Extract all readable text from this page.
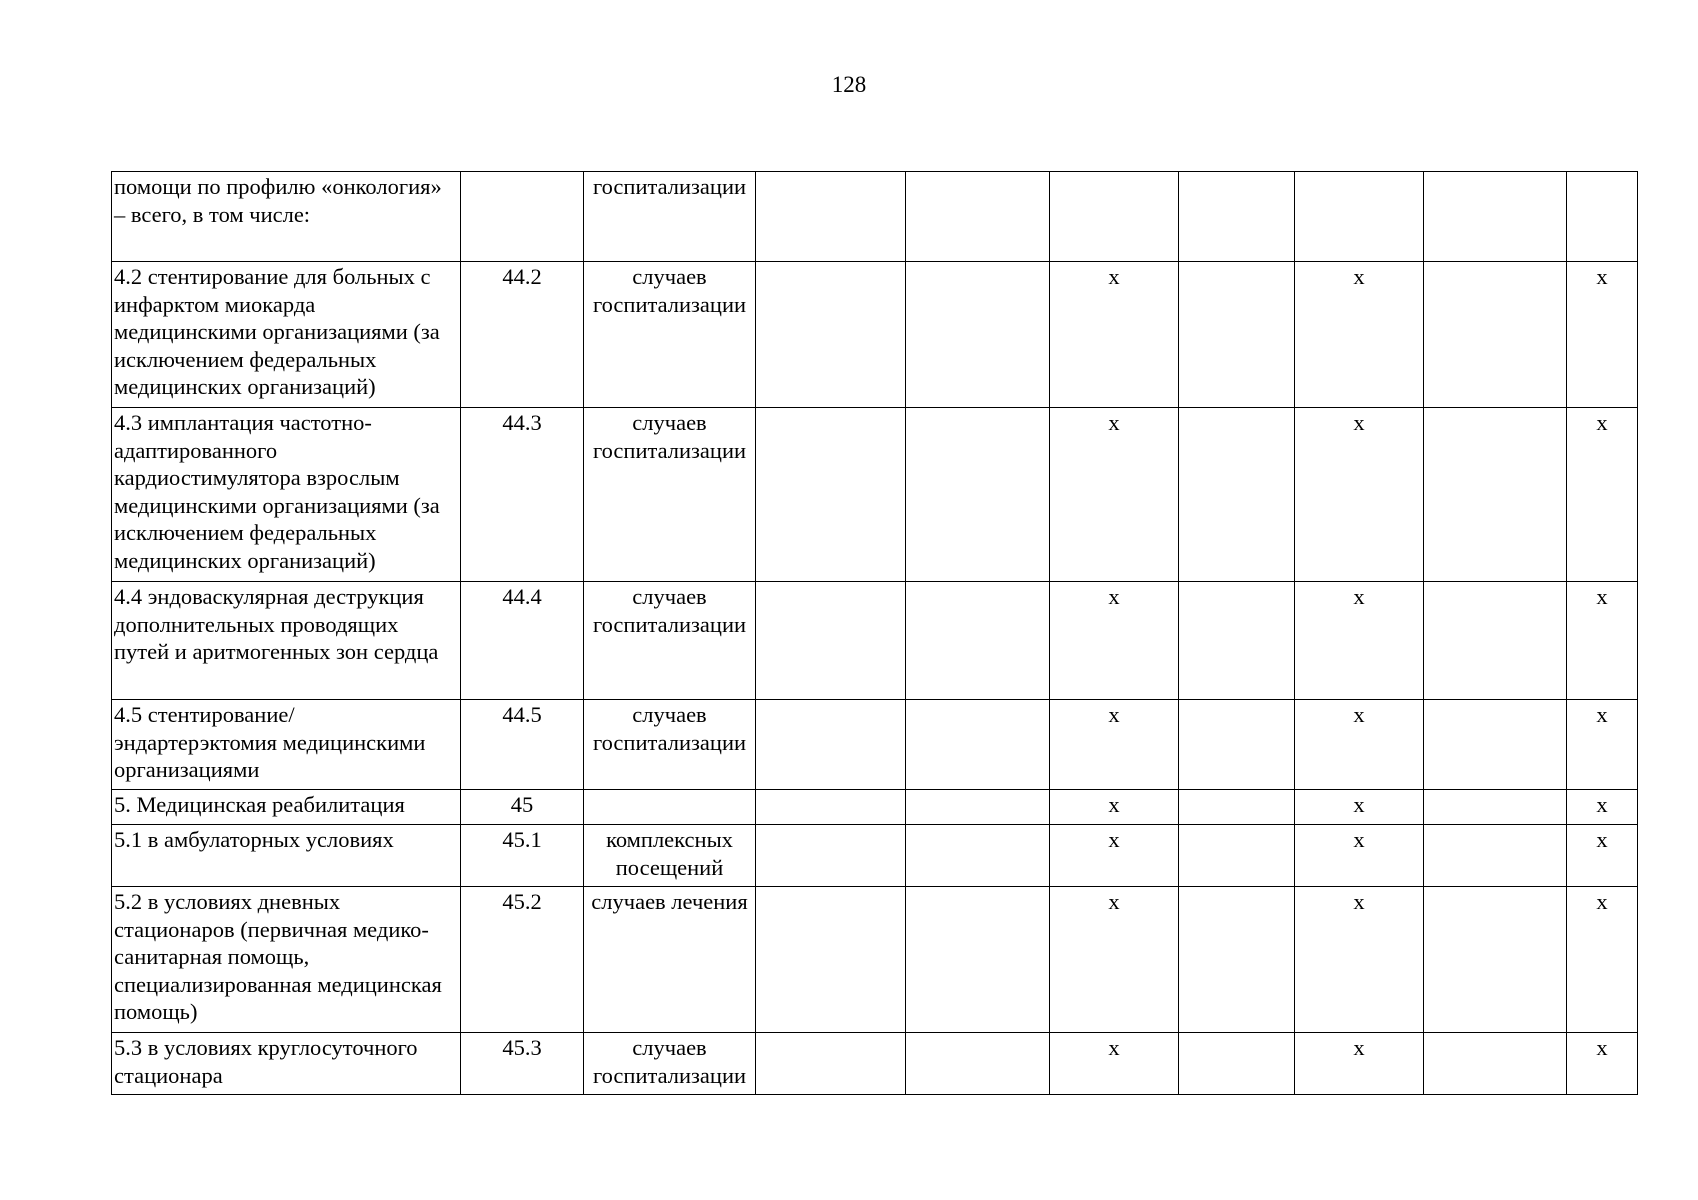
128
помощи по профилю «онкология» – всего, в том числе:		госпитализации							
4.2 стентирование для больных с инфарктом миокарда медицинскими организациями (за исключением федеральных медицинских организаций)	44.2	случаев госпитализации			х		х		х
4.3 имплантация частотно-адаптированного кардиостимулятора взрослым медицинскими организациями (за исключением федеральных медицинских организаций)	44.3	случаев госпитализации			х		х		х
4.4 эндоваскулярная деструкция дополнительных проводящих путей и аритмогенных зон сердца	44.4	случаев госпитализации			х		х		х
4.5 стентирование/ эндартерэктомия медицинскими организациями	44.5	случаев госпитализации			х		х		х
5. Медицинская реабилитация	45				х		х		х
5.1 в амбулаторных условиях	45.1	комплексных посещений			х		х		х
5.2 в условиях дневных стационаров (первичная медико-санитарная помощь, специализированная медицинская помощь)	45.2	случаев лечения			х		х		х
5.3 в условиях круглосуточного стационара	45.3	случаев госпитализации			х		х		х
